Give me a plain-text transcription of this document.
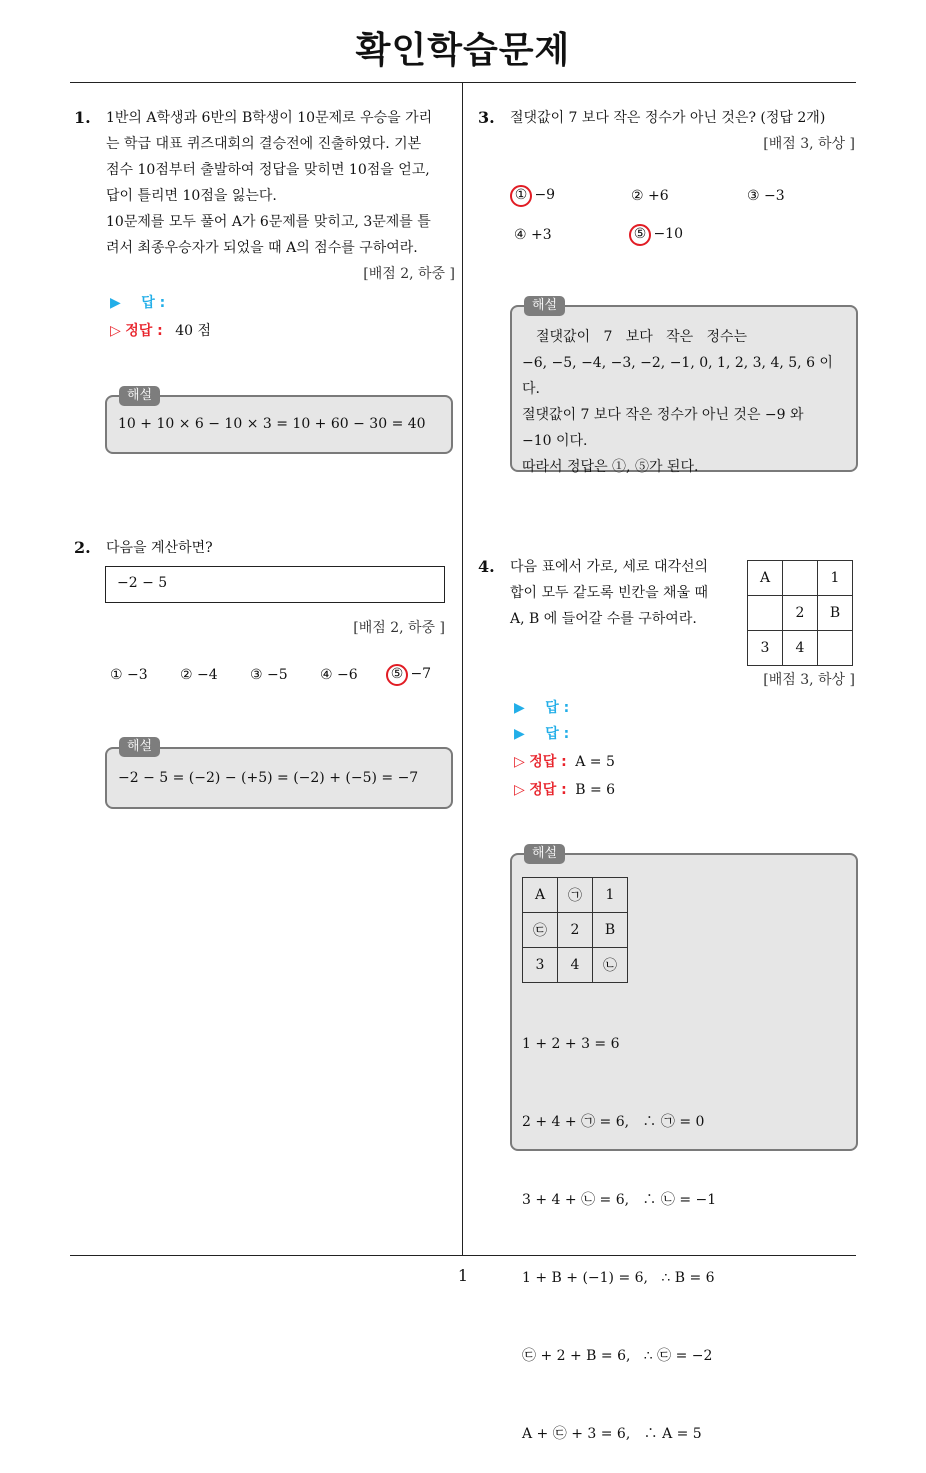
확인학습문제
1
1. 1반의 A학생과 6반의 B학생이 10문제로 우승을 가리
는 학급 대표 퀴즈대회의 결승전에 진출하였다. 기본
점수 10점부터 출발하여 정답을 맞히면 10점을 얻고,
답이 틀리면 10점을 잃는다.
10문제를 모두 풀어 A가 6문제를 맞히고, 3문제를 틀
려서 최종우승자가 되었을 때 A의 점수를 구하여라.
[배점 2, 하중 ]
▶ 답 :
▷ 정답 : 40 점
해설
10 + 10 × 6 − 10 × 3 = 10 + 60 − 30 = 40
2. 다음을 계산하면?
−2 − 5
[배점 2, 하중 ]
① −3 ② −4 ③ −5 ④ −6 ⑤ −7
해설
−2 − 5 = (−2) − (+5) = (−2) + (−5) = −7
3. 절댓값이 7 보다 작은 정수가 아닌 것은? (정답 2개)
[배점 3, 하상 ]
① −9	② +6	③ −3
④ +3	⑤ −10
해설
절댓값이   7   보다   작은   정수는
−6, −5, −4, −3, −2, −1, 0, 1, 2, 3, 4, 5, 6 이다.
절댓값이 7 보다 작은 정수가 아닌 것은 −9 와
−10 이다.
따라서 정답은 ①, ⑤가 된다.
4. 다음 표에서 가로, 세로 대각선의
합이 모두 같도록 빈칸을 채울 때
A, B 에 들어갈 수를 구하여라.
A		1
	2	B
3	4	
[배점 3, 하상 ]
▶ 답 :
▶ 답 :
▷ 정답 : A = 5
▷ 정답 : B = 6
해설
A	㉠	1
㉢	2	B
3	4	㉡

1 + 2 + 3 = 6

2 + 4 + ㉠ = 6,   ∴ ㉠ = 0

3 + 4 + ㉡ = 6,   ∴ ㉡ = −1

1 + B + (−1) = 6,   ∴ B = 6

㉢ + 2 + B = 6,   ∴ ㉢ = −2

A + ㉢ + 3 = 6,   ∴ A = 5
